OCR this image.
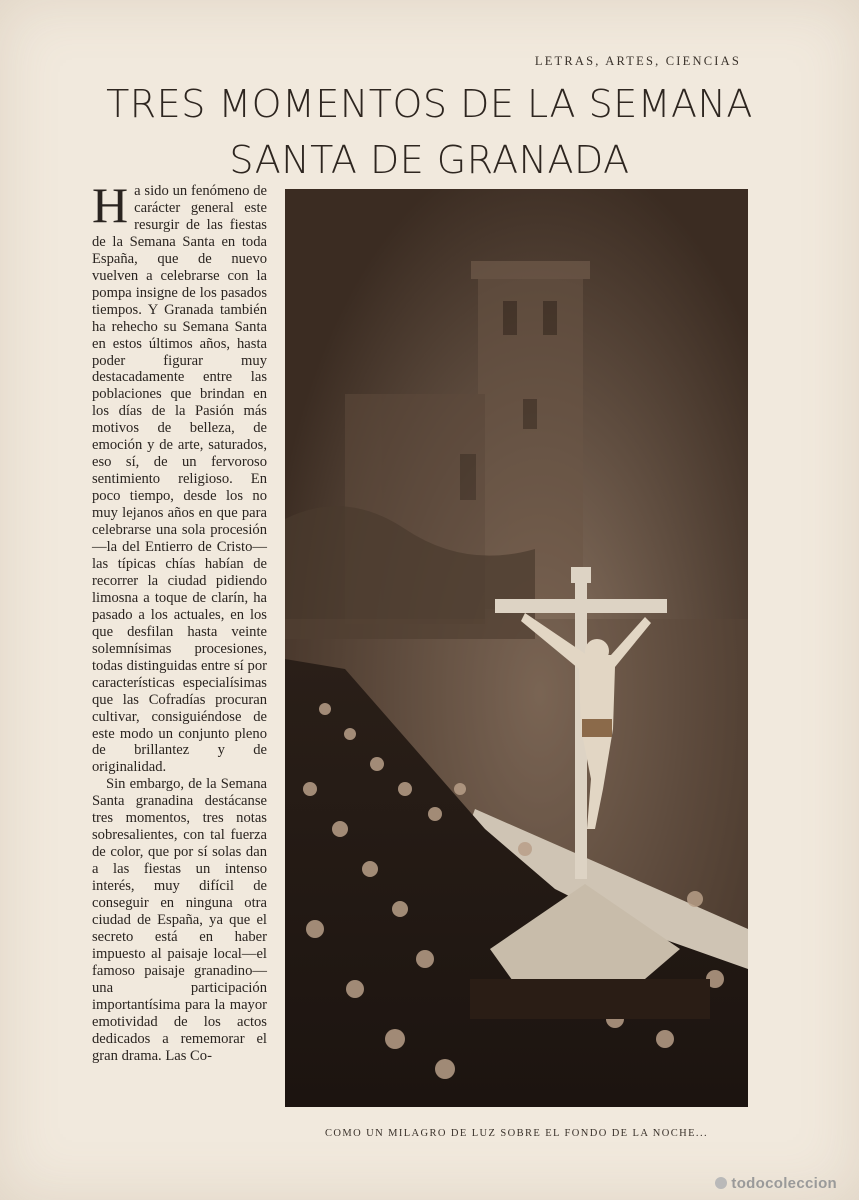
LETRAS, ARTES, CIENCIAS
TRES MOMENTOS DE LA SEMANA
SANTA DE GRANADA

Ha sido un fenómeno de carácter general este resurgir de las fiestas de la Semana Santa en toda España, que de nuevo vuelven a celebrarse con la pompa insigne de los pasados tiempos. Y Granada también ha rehecho su Semana Santa en estos últimos años, hasta poder figurar muy destacadamente entre las poblaciones que brindan en los días de la Pasión más motivos de belleza, de emoción y de arte, saturados, eso sí, de un fervoroso sentimiento religioso. En poco tiempo, desde los no muy lejanos años en que para celebrarse una sola procesión—la del Entierro de Cristo—las típicas chías habían de recorrer la ciudad pidiendo limosna a toque de clarín, ha pasado a los actuales, en los que desfilan hasta veinte solemnísimas procesiones, todas distinguidas entre sí por características especialísimas que las Cofradías procuran cultivar, consiguiéndose de este modo un conjunto pleno de brillantez y de originalidad.

Sin embargo, de la Semana Santa granadina destácanse tres momentos, tres notas sobresalientes, con tal fuerza de color, que por sí solas dan a las fiestas un intenso interés, muy difícil de conseguir en ninguna otra ciudad de España, ya que el secreto está en haber impuesto al paisaje local—el famoso paisaje granadino—una participación importantísima para la mayor emotividad de los actos dedicados a rememorar el gran drama. Las Co-

COMO UN MILAGRO DE LUZ SOBRE EL FONDO DE LA NOCHE...
todocoleccion
